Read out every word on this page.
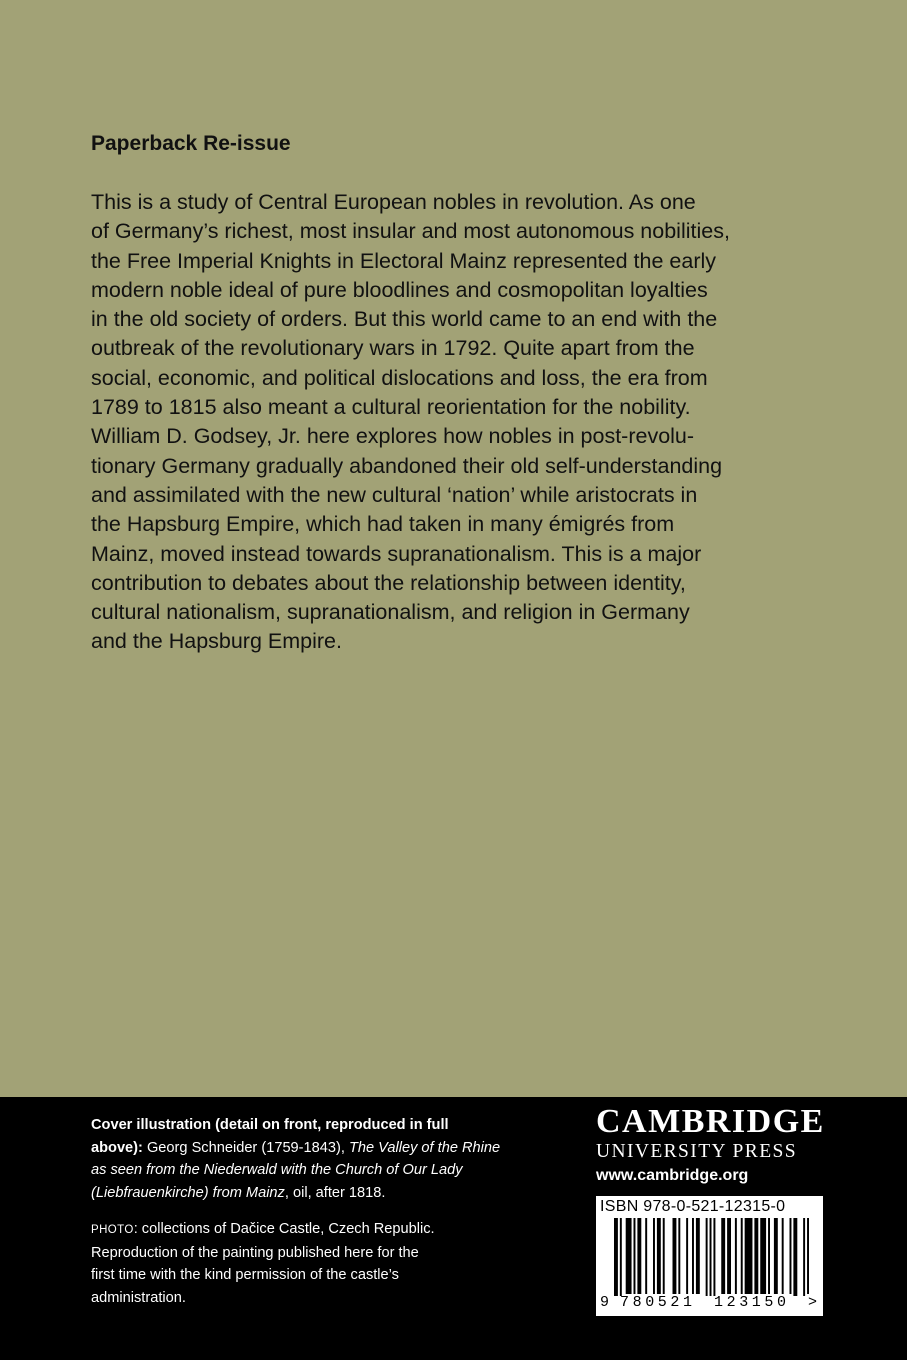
Paperback Re-issue
This is a study of Central European nobles in revolution. As one
of Germany’s richest, most insular and most autonomous nobilities,
the Free Imperial Knights in Electoral Mainz represented the early
modern noble ideal of pure bloodlines and cosmopolitan loyalties
in the old society of orders. But this world came to an end with the
outbreak of the revolutionary wars in 1792. Quite apart from the
social, economic, and political dislocations and loss, the era from
1789 to 1815 also meant a cultural reorientation for the nobility.
William D. Godsey, Jr. here explores how nobles in post-revolu-
tionary Germany gradually abandoned their old self-understanding
and assimilated with the new cultural ‘nation’ while aristocrats in
the Hapsburg Empire, which had taken in many émigrés from
Mainz, moved instead towards supranationalism. This is a major
contribution to debates about the relationship between identity,
cultural nationalism, supranationalism, and religion in Germany
and the Hapsburg Empire.
Cover illustration (detail on front, reproduced in full
above): Georg Schneider (1759-1843), The Valley of the Rhine
as seen from the Niederwald with the Church of Our Lady
(Liebfrauenkirche) from Mainz, oil, after 1818.
PHOTO: collections of Dačice Castle, Czech Republic.
Reproduction of the painting published here for the
first time with the kind permission of the castle’s
administration.
CAMBRIDGE
UNIVERSITY PRESS
www.cambridge.org
ISBN 978-0-521-12315-0
9 780521 123150 >
